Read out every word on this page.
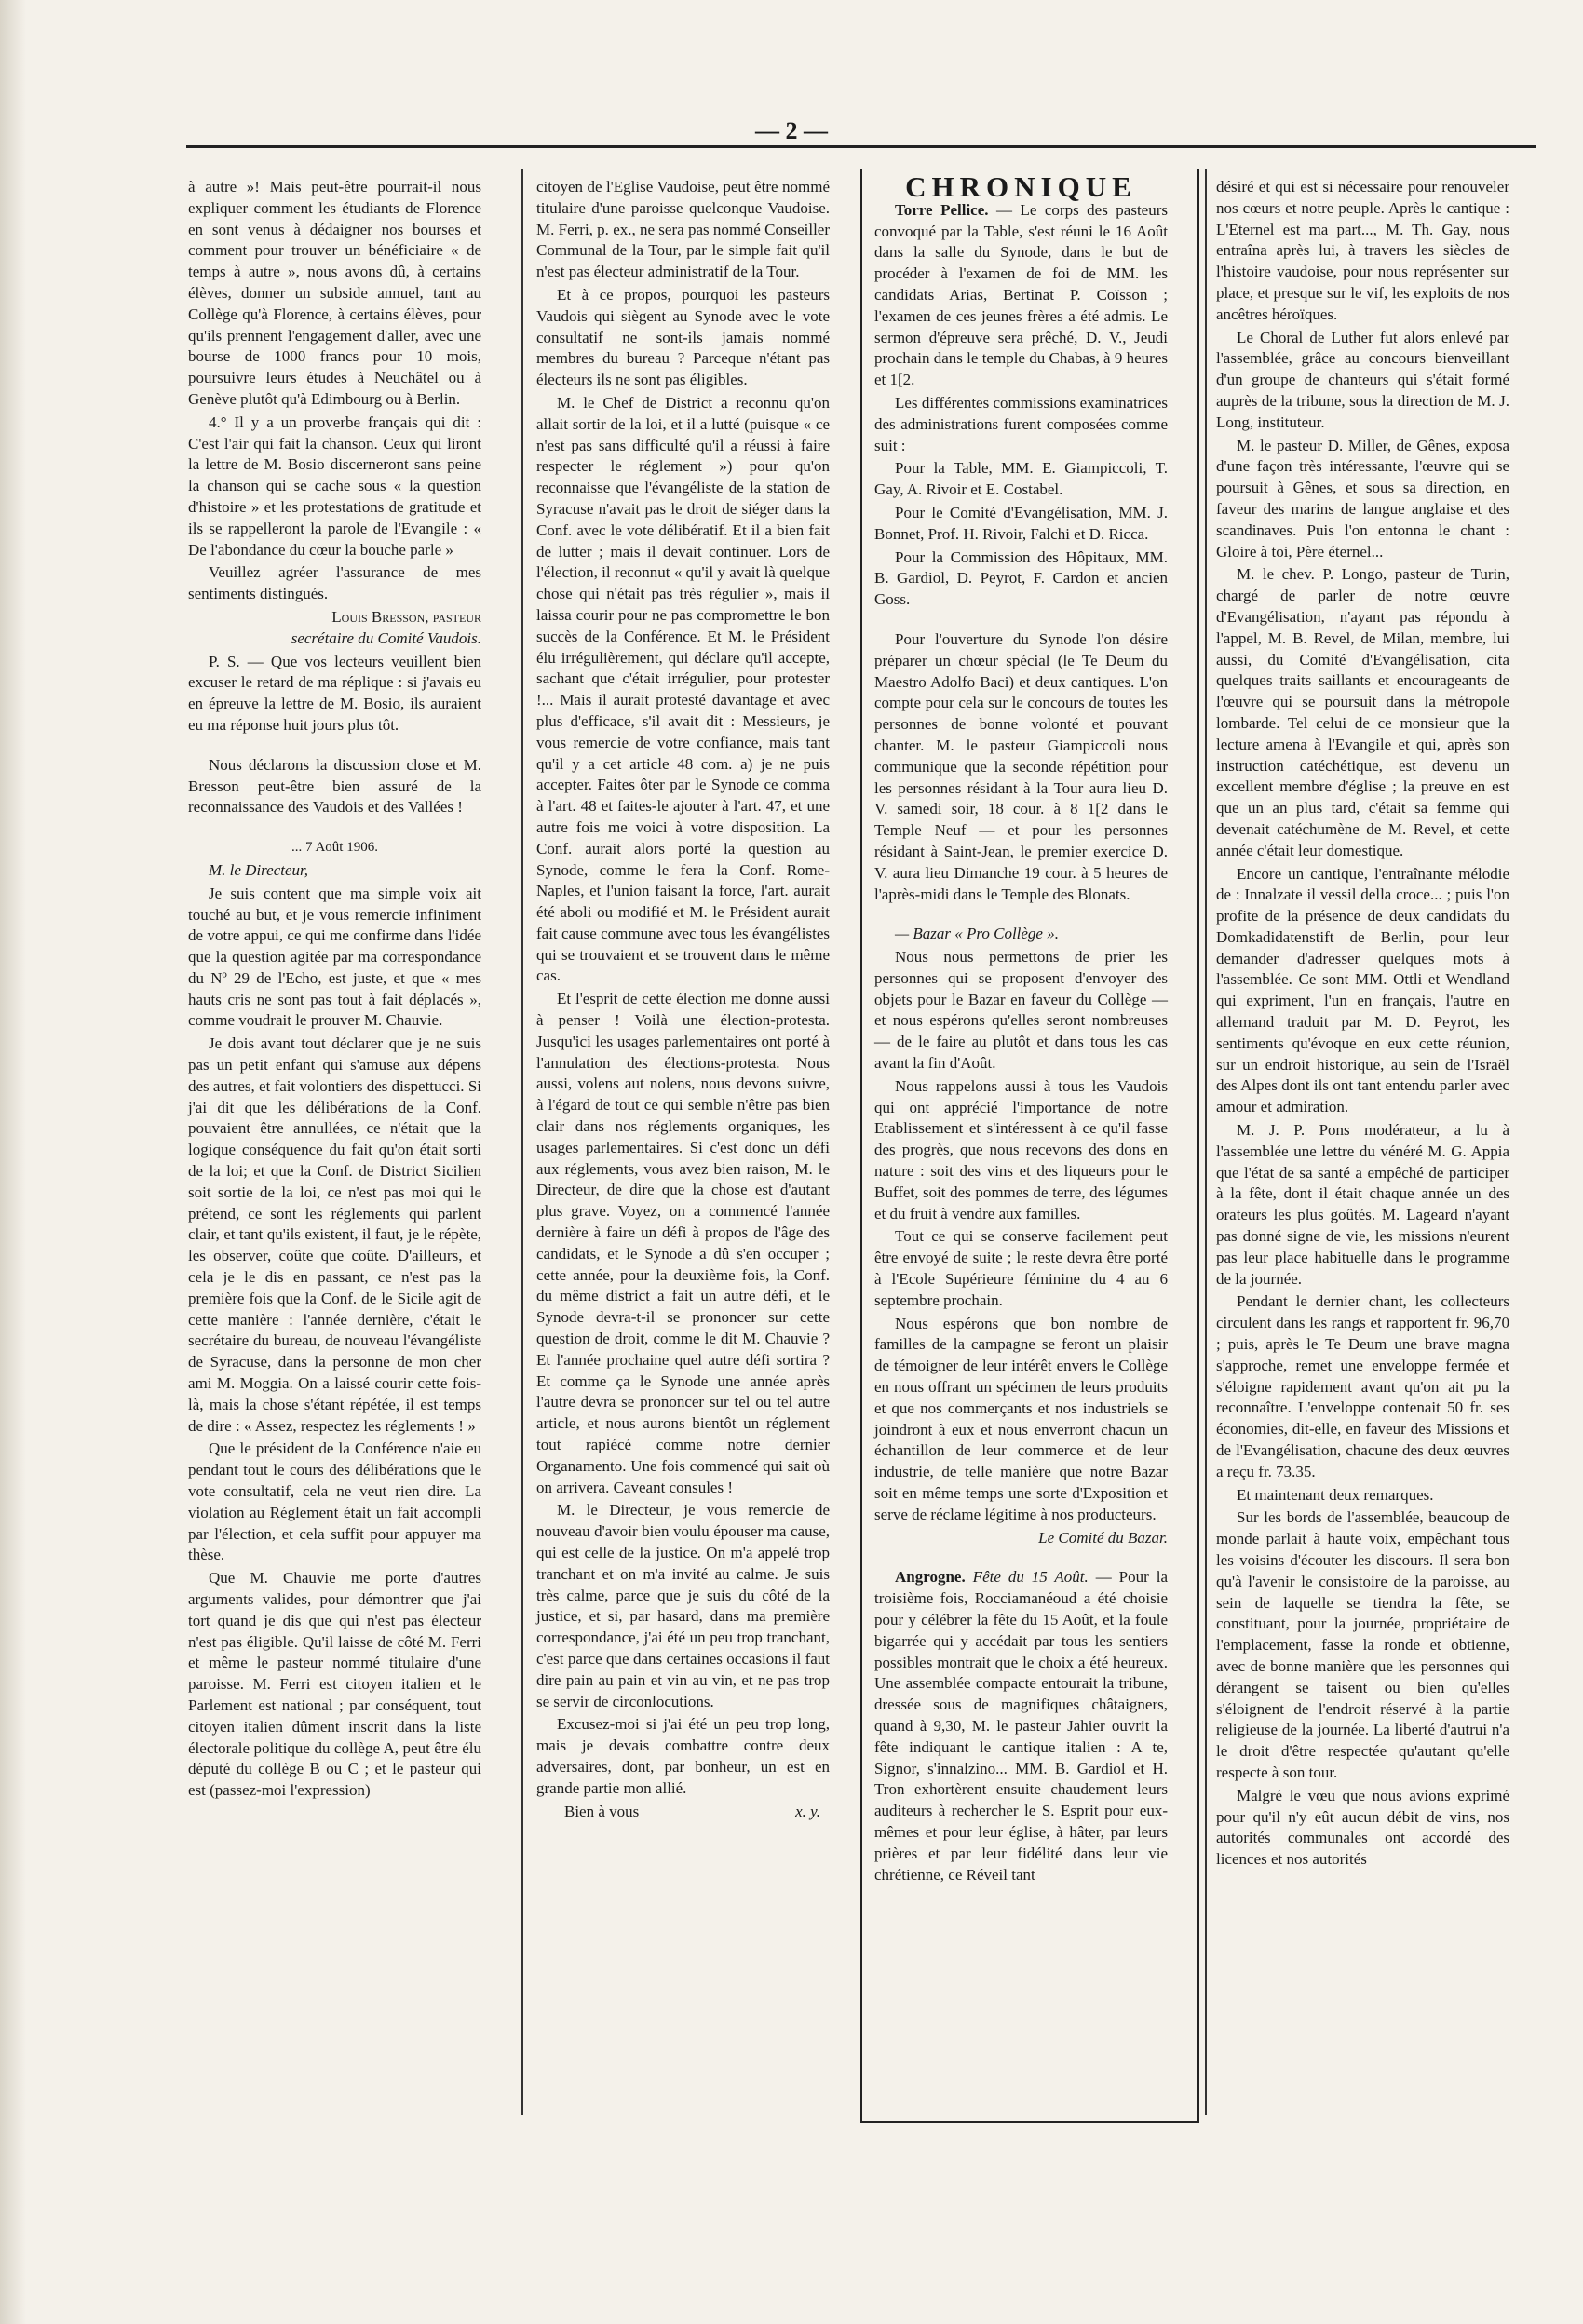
— 2 —

à autre »! Mais peut-être pourrait-il nous expliquer comment les étudiants de Florence en sont venus à dédaigner nos bourses et comment pour trouver un bénéficiaire « de temps à autre », nous avons dû, à certains élèves, donner un subside annuel, tant au Collège qu'à Florence, à certains élèves, pour qu'ils prennent l'engagement d'aller, avec une bourse de 1000 francs pour 10 mois, poursuivre leurs études à Neuchâtel ou à Genève plutôt qu'à Edimbourg ou à Berlin.

4.° Il y a un proverbe français qui dit : C'est l'air qui fait la chanson. Ceux qui liront la lettre de M. Bosio discerneront sans peine la chanson qui se cache sous « la question d'histoire » et les protestations de gratitude et ils se rappelleront la parole de l'Evangile : « De l'abondance du cœur la bouche parle »

Veuillez agréer l'assurance de mes sentiments distingués.

Louis Bresson, pasteur

secrétaire du Comité Vaudois.

P. S. — Que vos lecteurs veuillent bien excuser le retard de ma réplique : si j'avais eu en épreuve la lettre de M. Bosio, ils auraient eu ma réponse huit jours plus tôt.

Nous déclarons la discussion close et M. Bresson peut-être bien assuré de la reconnaissance des Vaudois et des Vallées !

... 7 Août 1906.

M. le Directeur,

Je suis content que ma simple voix ait touché au but, et je vous remercie infiniment de votre appui, ce qui me confirme dans l'idée que la question agitée par ma correspondance du Nº 29 de l'Echo, est juste, et que « mes hauts cris ne sont pas tout à fait déplacés », comme voudrait le prouver M. Chauvie.

Je dois avant tout déclarer que je ne suis pas un petit enfant qui s'amuse aux dépens des autres, et fait volontiers des dispettucci. Si j'ai dit que les délibérations de la Conf. pouvaient être annullées, ce n'était que la logique conséquence du fait qu'on était sorti de la loi; et que la Conf. de District Sicilien soit sortie de la loi, ce n'est pas moi qui le prétend, ce sont les réglements qui parlent clair, et tant qu'ils existent, il faut, je le répète, les observer, coûte que coûte. D'ailleurs, et cela je le dis en passant, ce n'est pas la première fois que la Conf. de le Sicile agit de cette manière : l'année dernière, c'était le secrétaire du bureau, de nouveau l'évangéliste de Syracuse, dans la personne de mon cher ami M. Moggia. On a laissé courir cette fois-là, mais la chose s'étant répétée, il est temps de dire : « Assez, respectez les réglements ! »

Que le président de la Conférence n'aie eu pendant tout le cours des délibérations que le vote consultatif, cela ne veut rien dire. La violation au Réglement était un fait accompli par l'élection, et cela suffit pour appuyer ma thèse.

Que M. Chauvie me porte d'autres arguments valides, pour démontrer que j'ai tort quand je dis que qui n'est pas électeur n'est pas éligible. Qu'il laisse de côté M. Ferri et même le pasteur nommé titulaire d'une paroisse. M. Ferri est citoyen italien et le Parlement est national ; par conséquent, tout citoyen italien dûment inscrit dans la liste électorale politique du collège A, peut être élu député du collège B ou C ; et le pasteur qui est (passez-moi l'expression)

citoyen de l'Eglise Vaudoise, peut être nommé titulaire d'une paroisse quelconque Vaudoise. M. Ferri, p. ex., ne sera pas nommé Conseiller Communal de la Tour, par le simple fait qu'il n'est pas électeur administratif de la Tour.

Et à ce propos, pourquoi les pasteurs Vaudois qui siègent au Synode avec le vote consultatif ne sont-ils jamais nommé membres du bureau ? Parceque n'étant pas électeurs ils ne sont pas éligibles.

M. le Chef de District a reconnu qu'on allait sortir de la loi, et il a lutté (puisque « ce n'est pas sans difficulté qu'il a réussi à faire respecter le réglement ») pour qu'on reconnaisse que l'évangéliste de la station de Syracuse n'avait pas le droit de siéger dans la Conf. avec le vote délibératif. Et il a bien fait de lutter ; mais il devait continuer. Lors de l'élection, il reconnut « qu'il y avait là quelque chose qui n'était pas très régulier », mais il laissa courir pour ne pas compromettre le bon succès de la Conférence. Et M. le Président élu irrégulièrement, qui déclare qu'il accepte, sachant que c'était irrégulier, pour protester !... Mais il aurait protesté davantage et avec plus d'efficace, s'il avait dit : Messieurs, je vous remercie de votre confiance, mais tant qu'il y a cet article 48 com. a) je ne puis accepter. Faites ôter par le Synode ce comma à l'art. 48 et faites-le ajouter à l'art. 47, et une autre fois me voici à votre disposition. La Conf. aurait alors porté la question au Synode, comme le fera la Conf. Rome-Naples, et l'union faisant la force, l'art. aurait été aboli ou modifié et M. le Président aurait fait cause commune avec tous les évangélistes qui se trouvaient et se trouvent dans le même cas.

Et l'esprit de cette élection me donne aussi à penser ! Voilà une élection-protesta. Jusqu'ici les usages parlementaires ont porté à l'annulation des élections-protesta. Nous aussi, volens aut nolens, nous devons suivre, à l'égard de tout ce qui semble n'être pas bien clair dans nos réglements organiques, les usages parlementaires. Si c'est donc un défi aux réglements, vous avez bien raison, M. le Directeur, de dire que la chose est d'autant plus grave. Voyez, on a commencé l'année dernière à faire un défi à propos de l'âge des candidats, et le Synode a dû s'en occuper ; cette année, pour la deuxième fois, la Conf. du même district a fait un autre défi, et le Synode devra-t-il se prononcer sur cette question de droit, comme le dit M. Chauvie ? Et l'année prochaine quel autre défi sortira ? Et comme ça le Synode une année après l'autre devra se prononcer sur tel ou tel autre article, et nous aurons bientôt un réglement tout rapiécé comme notre dernier Organamento. Une fois commencé qui sait où on arrivera. Caveant consules !

M. le Directeur, je vous remercie de nouveau d'avoir bien voulu épouser ma cause, qui est celle de la justice. On m'a appelé trop tranchant et on m'a invité au calme. Je suis très calme, parce que je suis du côté de la justice, et si, par hasard, dans ma première correspondance, j'ai été un peu trop tranchant, c'est parce que dans certaines occasions il faut dire pain au pain et vin au vin, et ne pas trop se servir de circonlocutions.

Excusez-moi si j'ai été un peu trop long, mais je devais combattre contre deux adversaires, dont, par bonheur, un est en grande partie mon allié.

Bien à vous	x. y.

CHRONIQUE

Torre Pellice. — Le corps des pasteurs convoqué par la Table, s'est réuni le 16 Août dans la salle du Synode, dans le but de procéder à l'examen de foi de MM. les candidats Arias, Bertinat P. Coïsson ; l'examen de ces jeunes frères a été admis. Le sermon d'épreuve sera prêché, D. V., Jeudi prochain dans le temple du Chabas, à 9 heures et 1[2.

Les différentes commissions examinatrices des administrations furent composées comme suit :

Pour la Table, MM. E. Giampiccoli, T. Gay, A. Rivoir et E. Costabel.

Pour le Comité d'Evangélisation, MM. J. Bonnet, Prof. H. Rivoir, Falchi et D. Ricca.

Pour la Commission des Hôpitaux, MM. B. Gardiol, D. Peyrot, F. Cardon et ancien Goss.

Pour l'ouverture du Synode l'on désire préparer un chœur spécial (le Te Deum du Maestro Adolfo Baci) et deux cantiques. L'on compte pour cela sur le concours de toutes les personnes de bonne volonté et pouvant chanter. M. le pasteur Giampiccoli nous communique que la seconde répétition pour les personnes résidant à la Tour aura lieu D. V. samedi soir, 18 cour. à 8 1[2 dans le Temple Neuf — et pour les personnes résidant à Saint-Jean, le premier exercice D. V. aura lieu Dimanche 19 cour. à 5 heures de l'après-midi dans le Temple des Blonats.

— Bazar « Pro Collège ».

Nous nous permettons de prier les personnes qui se proposent d'envoyer des objets pour le Bazar en faveur du Collège — et nous espérons qu'elles seront nombreuses — de le faire au plutôt et dans tous les cas avant la fin d'Août.

Nous rappelons aussi à tous les Vaudois qui ont apprécié l'importance de notre Etablissement et s'intéressent à ce qu'il fasse des progrès, que nous recevons des dons en nature : soit des vins et des liqueurs pour le Buffet, soit des pommes de terre, des légumes et du fruit à vendre aux familles.

Tout ce qui se conserve facilement peut être envoyé de suite ; le reste devra être porté à l'Ecole Supérieure féminine du 4 au 6 septembre prochain.

Nous espérons que bon nombre de familles de la campagne se feront un plaisir de témoigner de leur intérêt envers le Collège en nous offrant un spécimen de leurs produits et que nos commerçants et nos industriels se joindront à eux et nous enverront chacun un échantillon de leur commerce et de leur industrie, de telle manière que notre Bazar soit en même temps une sorte d'Exposition et serve de réclame légitime à nos producteurs.

Le Comité du Bazar.

Angrogne. Fête du 15 Août. — Pour la troisième fois, Rocciamanéoud a été choisie pour y célébrer la fête du 15 Août, et la foule bigarrée qui y accédait par tous les sentiers possibles montrait que le choix a été heureux. Une assemblée compacte entourait la tribune, dressée sous de magnifiques châtaigners, quand à 9,30, M. le pasteur Jahier ouvrit la fête indiquant le cantique italien : A te, Signor, s'innalzino... MM. B. Gardiol et H. Tron exhortèrent ensuite chaudement leurs auditeurs à rechercher le S. Esprit pour eux-mêmes et pour leur église, à hâter, par leurs prières et par leur fidélité dans leur vie chrétienne, ce Réveil tant

désiré et qui est si nécessaire pour renouveler nos cœurs et notre peuple. Après le cantique : L'Eternel est ma part..., M. Th. Gay, nous entraîna après lui, à travers les siècles de l'histoire vaudoise, pour nous représenter sur place, et presque sur le vif, les exploits de nos ancêtres héroïques.

Le Choral de Luther fut alors enlevé par l'assemblée, grâce au concours bienveillant d'un groupe de chanteurs qui s'était formé auprès de la tribune, sous la direction de M. J. Long, instituteur.

M. le pasteur D. Miller, de Gênes, exposa d'une façon très intéressante, l'œuvre qui se poursuit à Gênes, et sous sa direction, en faveur des marins de langue anglaise et des scandinaves. Puis l'on entonna le chant : Gloire à toi, Père éternel...

M. le chev. P. Longo, pasteur de Turin, chargé de parler de notre œuvre d'Evangélisation, n'ayant pas répondu à l'appel, M. B. Revel, de Milan, membre, lui aussi, du Comité d'Evangélisation, cita quelques traits saillants et encourageants de l'œuvre qui se poursuit dans la métropole lombarde. Tel celui de ce monsieur que la lecture amena à l'Evangile et qui, après son instruction catéchétique, est devenu un excellent membre d'église ; la preuve en est que un an plus tard, c'était sa femme qui devenait catéchumène de M. Revel, et cette année c'était leur domestique.

Encore un cantique, l'entraînante mélodie de : Innalzate il vessil della croce... ; puis l'on profite de la présence de deux candidats du Domkadidatenstift de Berlin, pour leur demander d'adresser quelques mots à l'assemblée. Ce sont MM. Ottli et Wendland qui expriment, l'un en français, l'autre en allemand traduit par M. D. Peyrot, les sentiments qu'évoque en eux cette réunion, sur un endroit historique, au sein de l'Israël des Alpes dont ils ont tant entendu parler avec amour et admiration.

M. J. P. Pons modérateur, a lu à l'assemblée une lettre du vénéré M. G. Appia que l'état de sa santé a empêché de participer à la fête, dont il était chaque année un des orateurs les plus goûtés. M. Lageard n'ayant pas donné signe de vie, les missions n'eurent pas leur place habituelle dans le programme de la journée.

Pendant le dernier chant, les collecteurs circulent dans les rangs et rapportent fr. 96,70 ; puis, après le Te Deum une brave magna s'approche, remet une enveloppe fermée et s'éloigne rapidement avant qu'on ait pu la reconnaître. L'enveloppe contenait 50 fr. ses économies, dit-elle, en faveur des Missions et de l'Evangélisation, chacune des deux œuvres a reçu fr. 73.35.

Et maintenant deux remarques.

Sur les bords de l'assemblée, beaucoup de monde parlait à haute voix, empêchant tous les voisins d'écouter les discours. Il sera bon qu'à l'avenir le consistoire de la paroisse, au sein de laquelle se tiendra la fête, se constituant, pour la journée, propriétaire de l'emplacement, fasse la ronde et obtienne, avec de bonne manière que les personnes qui dérangent se taisent ou bien qu'elles s'éloignent de l'endroit réservé à la partie religieuse de la journée. La liberté d'autrui n'a le droit d'être respectée qu'autant qu'elle respecte à son tour.

Malgré le vœu que nous avions exprimé pour qu'il n'y eût aucun débit de vins, nos autorités communales ont accordé des licences et nos autorités
